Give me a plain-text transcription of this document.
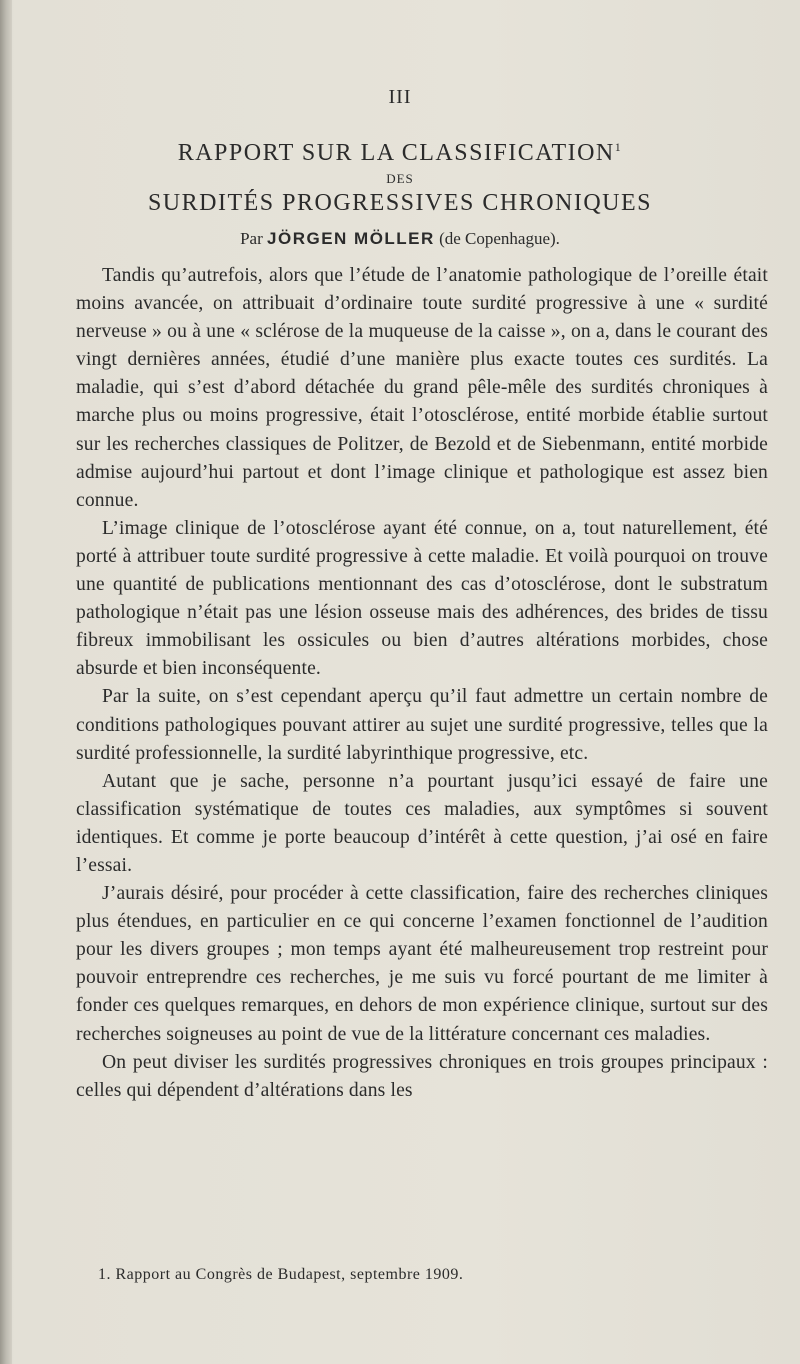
III
RAPPORT SUR LA CLASSIFICATION$^1$
DES
SURDITÉS PROGRESSIVES CHRONIQUES
Par JÖRGEN MÖLLER (de Copenhague).

Tandis qu’autrefois, alors que l’étude de l’anatomie pathologique de l’oreille était moins avancée, on attribuait d’ordinaire toute surdité progressive à une « surdité nerveuse » ou à une « sclérose de la muqueuse de la caisse », on a, dans le courant des vingt dernières années, étudié d’une manière plus exacte toutes ces surdités. La maladie, qui s’est d’abord détachée du grand pêle-mêle des surdités chroniques à marche plus ou moins progressive, était l’otosclérose, entité morbide établie surtout sur les recherches classiques de Politzer, de Bezold et de Siebenmann, entité morbide admise aujourd’hui partout et dont l’image clinique et pathologique est assez bien connue.

L’image clinique de l’otosclérose ayant été connue, on a, tout naturellement, été porté à attribuer toute surdité progressive à cette maladie. Et voilà pourquoi on trouve une quantité de publications mentionnant des cas d’otosclérose, dont le substratum pathologique n’était pas une lésion osseuse mais des adhérences, des brides de tissu fibreux immobilisant les ossicules ou bien d’autres altérations morbides, chose absurde et bien inconséquente.

Par la suite, on s’est cependant aperçu qu’il faut admettre un certain nombre de conditions pathologiques pouvant attirer au sujet une surdité progressive, telles que la surdité professionnelle, la surdité labyrinthique progressive, etc.

Autant que je sache, personne n’a pourtant jusqu’ici essayé de faire une classification systématique de toutes ces maladies, aux symptômes si souvent identiques. Et comme je porte beaucoup d’intérêt à cette question, j’ai osé en faire l’essai.

J’aurais désiré, pour procéder à cette classification, faire des recherches cliniques plus étendues, en particulier en ce qui concerne l’examen fonctionnel de l’audition pour les divers groupes ; mon temps ayant été malheureusement trop restreint pour pouvoir entreprendre ces recherches, je me suis vu forcé pourtant de me limiter à fonder ces quelques remarques, en dehors de mon expérience clinique, surtout sur des recherches soigneuses au point de vue de la littérature concernant ces maladies.

On peut diviser les surdités progressives chroniques en trois groupes principaux : celles qui dépendent d’altérations dans les

1. Rapport au Congrès de Budapest, septembre 1909.
